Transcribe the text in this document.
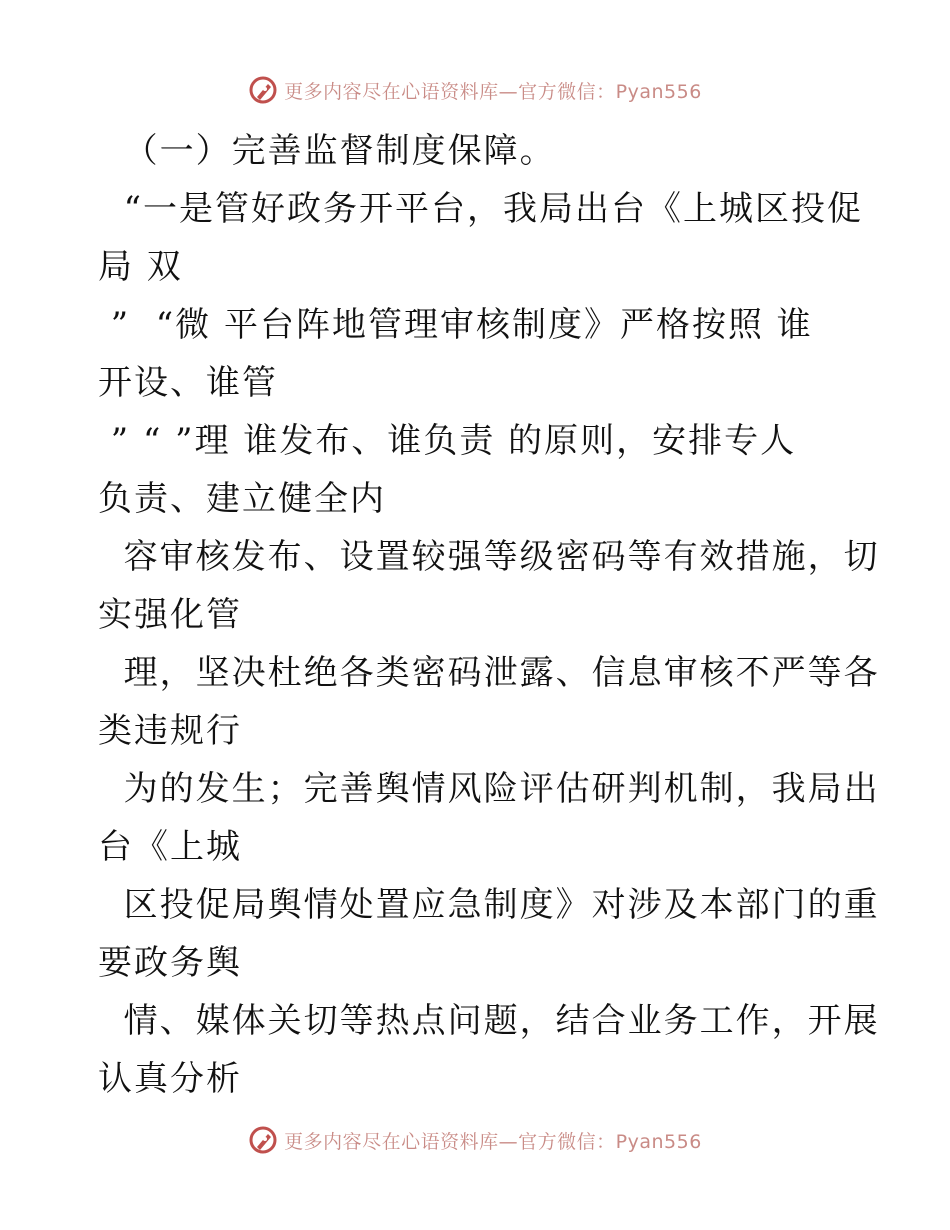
更多内容尽在心语资料库—官方微信：Pyan556
（一）完善监督制度保障。
“一是管好政务开平台，我局出台《上城区投促
局 双
”  “微 平台阵地管理审核制度》严格按照 谁
开设、谁管
” “ ”理 谁发布、谁负责 的原则，安排专人
负责、建立健全内
容审核发布、设置较强等级密码等有效措施，切
实强化管
理，坚决杜绝各类密码泄露、信息审核不严等各
类违规行
为的发生；完善舆情风险评估研判机制，我局出
台《上城
区投促局舆情处置应急制度》对涉及本部门的重
要政务舆
情、媒体关切等热点问题，结合业务工作，开展
认真分析
更多内容尽在心语资料库—官方微信：Pyan556
